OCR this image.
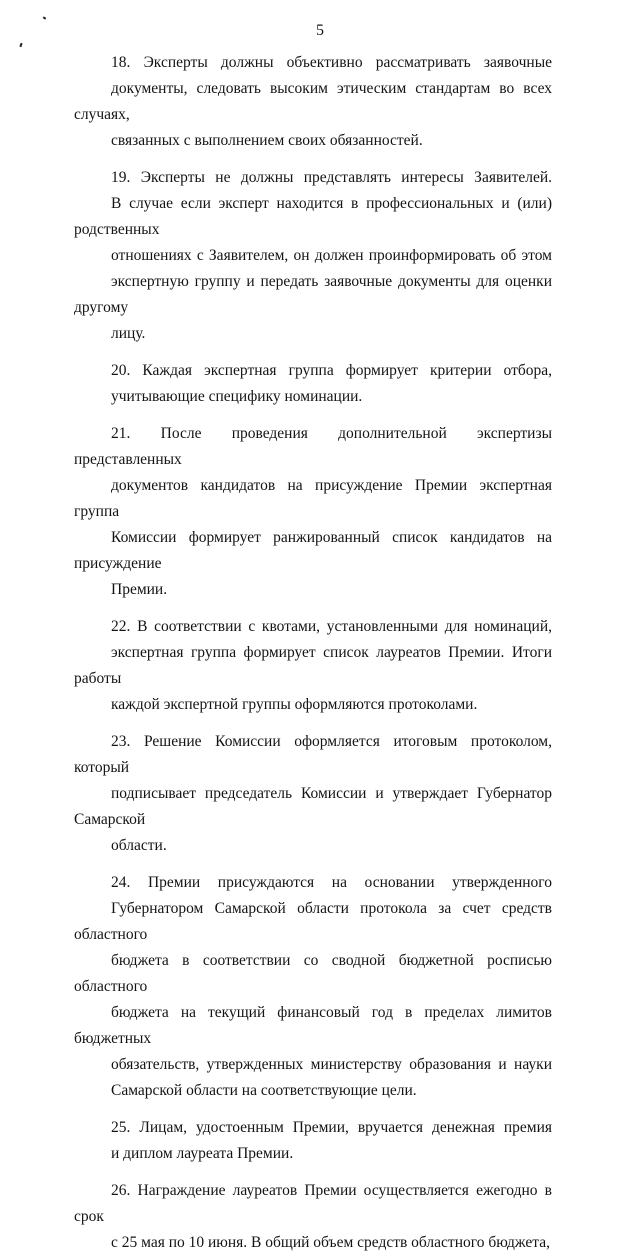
5

18. Эксперты должны объективно рассматривать заявочные
документы, следовать высоким этическим стандартам во всех случаях,
связанных с выполнением своих обязанностей.

19. Эксперты не должны представлять интересы Заявителей.
В случае если эксперт находится в профессиональных и (или) родственных
отношениях с Заявителем, он должен проинформировать об этом
экспертную группу и передать заявочные документы для оценки другому
лицу.

20. Каждая экспертная группа формирует критерии отбора,
учитывающие специфику номинации.

21. После проведения дополнительной экспертизы представленных
документов кандидатов на присуждение Премии экспертная группа
Комиссии формирует ранжированный список кандидатов на присуждение
Премии.

22. В соответствии с квотами, установленными для номинаций,
экспертная группа формирует список лауреатов Премии. Итоги работы
каждой экспертной группы оформляются протоколами.

23. Решение Комиссии оформляется итоговым протоколом, который
подписывает председатель Комиссии и утверждает Губернатор Самарской
области.

24. Премии присуждаются на основании утвержденного
Губернатором Самарской области протокола за счет средств областного
бюджета в соответствии со сводной бюджетной росписью областного
бюджета на текущий финансовый год в пределах лимитов бюджетных
обязательств, утвержденных министерству образования и науки
Самарской области на соответствующие цели.

25. Лицам, удостоенным Премии, вручается денежная премия
и диплом лауреата Премии.

26. Награждение лауреатов Премии осуществляется ежегодно в срок
с 25 мая по 10 июня. В общий объем средств областного бюджета,
